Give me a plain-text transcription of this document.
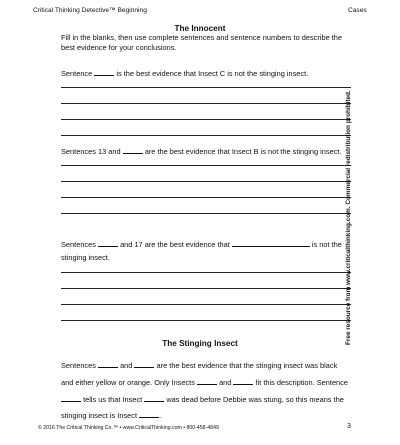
Critical Thinking Detective™ Beginning	Cases
The Innocent
Fill in the blanks, then use complete sentences and sentence numbers to describe the best evidence for your conclusions.
Sentence	is the best evidence that Insect C is not the stinging insect.
Sentences 13 and	are the best evidence that Insect B is not the stinging insect.
Sentences	and 17 are the best evidence that	is not the
stinging insect.
The Stinging Insect
Sentences	and	are the best evidence that the stinging insect was black
and either yellow or orange. Only Insects	and	fit this description. Sentence
tells us that Insect	was dead before Debbie was stung, so this means the
stinging insect is Insect	.
Free resource from www.criticalthinking.com. Commercial redistribution prohibited.
© 2016 The Critical Thinking Co.™ • www.CriticalThinking.com • 800-458-4849	3
